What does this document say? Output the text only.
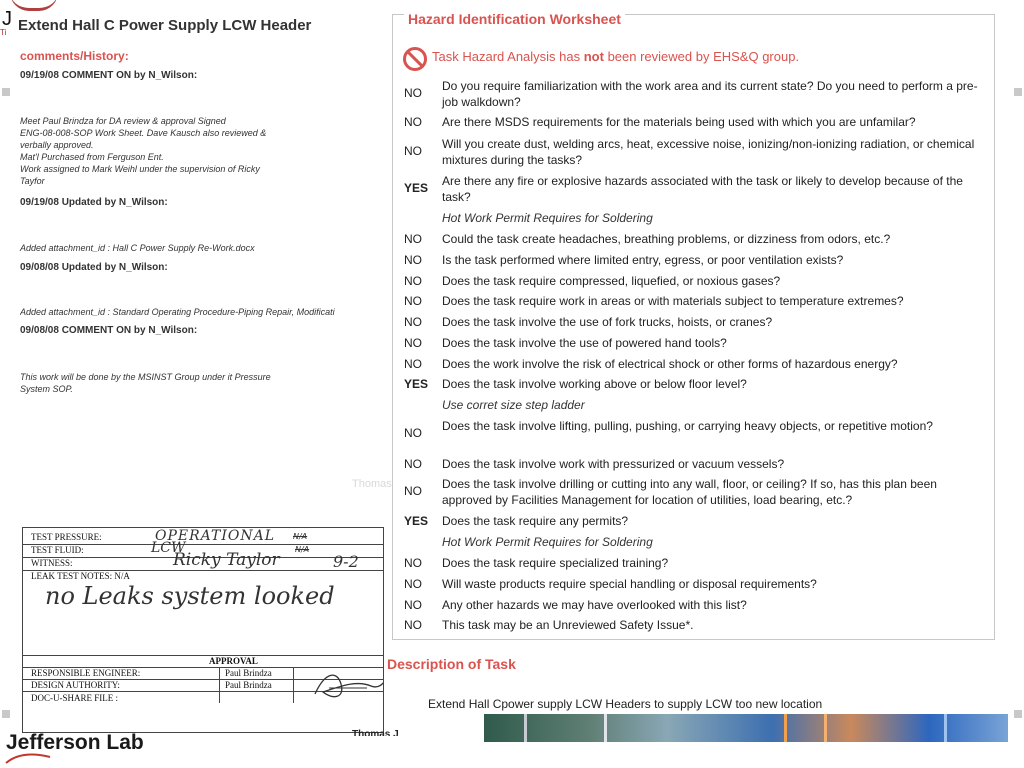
J
Ti Extend Hall C Power Supply LCW Header
comments/History:
09/19/08 COMMENT ON by N_Wilson:
Meet Paul Brindza for DA review & approval Signed
ENG-08-008-SOP Work Sheet. Dave Kausch also reviewed &
verbally approved.
Mat'l Purchased from Ferguson Ent.
Work assigned to Mark Weihl under the supervision of Ricky
Tayfor
09/19/08 Updated by N_Wilson:
Added attachment_id : Hall C Power Supply Re-Work.docx
09/08/08 Updated by N_Wilson:
Added attachment_id : Standard Operating Procedure-Piping Repair, Modificati
09/08/08 COMMENT ON by N_Wilson:
This work will be done by the MSINST Group under it Pressure
System SOP.
Thomas
TEST PRESSURE:	OPERATIONAL N/A
TEST FLUID:	LCW	N/A
WITNESS:	Ricky Taylor	9-2
LEAK TEST NOTES: N/A
no Leaks system looked
APPROVAL
RESPONSIBLE ENGINEER:	Paul Brindza
DESIGN AUTHORITY:	Paul Brindza
DOC-U-SHARE FILE :
Hazard Identification Worksheet
Task Hazard Analysis has not been reviewed by EHS&Q group.
NO	Do you require familiarization with the work area and its current state? Do you need to perform a pre-job walkdown?
NO	Are there MSDS requirements for the materials being used with which you are unfamilar?
NO	Will you create dust, welding arcs, heat, excessive noise, ionizing/non-ionizing radiation, or chemical mixtures during the tasks?
YES	Are there any fire or explosive hazards associated with the task or likely to develop because of the task?
Hot Work Permit Requires for Soldering
NO	Could the task create headaches, breathing problems, or dizziness from odors, etc.?
NO	Is the task performed where limited entry, egress, or poor ventilation exists?
NO	Does the task require compressed, liquefied, or noxious gases?
NO	Does the task require work in areas or with materials subject to temperature extremes?
NO	Does the task involve the use of fork trucks, hoists, or cranes?
NO	Does the task involve the use of powered hand tools?
NO	Does the work involve the risk of electrical shock or other forms of hazardous energy?
YES	Does the task involve working above or below floor level?
Use corret size step ladder
NO	Does the task involve lifting, pulling, pushing, or carrying heavy objects, or repetitive motion?
NO	Does the task involve work with pressurized or vacuum vessels?
NO	Does the task involve drilling or cutting into any wall, floor, or ceiling? If so, has this plan been approved by Facilities Management for location of utilities, load bearing, etc.?
YES	Does the task require any permits?
Hot Work Permit Requires for Soldering
NO	Does the task require specialized training?
NO	Will waste products require special handling or disposal requirements?
NO	Any other hazards we may have overlooked with this list?
NO	This task may be an Unreviewed Safety Issue*.
Description of Task
Extend Hall Cpower supply LCW Headers to supply LCW too new location
Thomas J
Jefferson Lab
